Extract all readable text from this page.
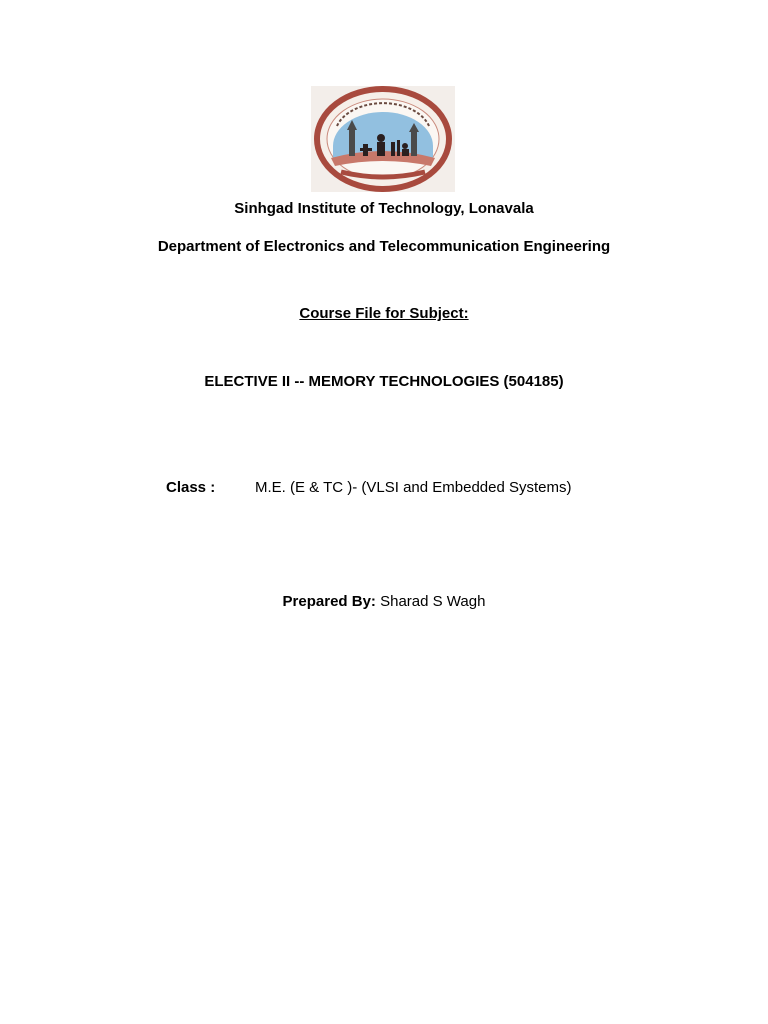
Sinhgad Institute of Technology, Lonavala
Department of Electronics and Telecommunication Engineering
Course File for Subject:
ELECTIVE II -- MEMORY TECHNOLOGIES (504185)
Class :	M.E. (E & TC )- (VLSI and Embedded Systems)
Prepared By: Sharad S Wagh
